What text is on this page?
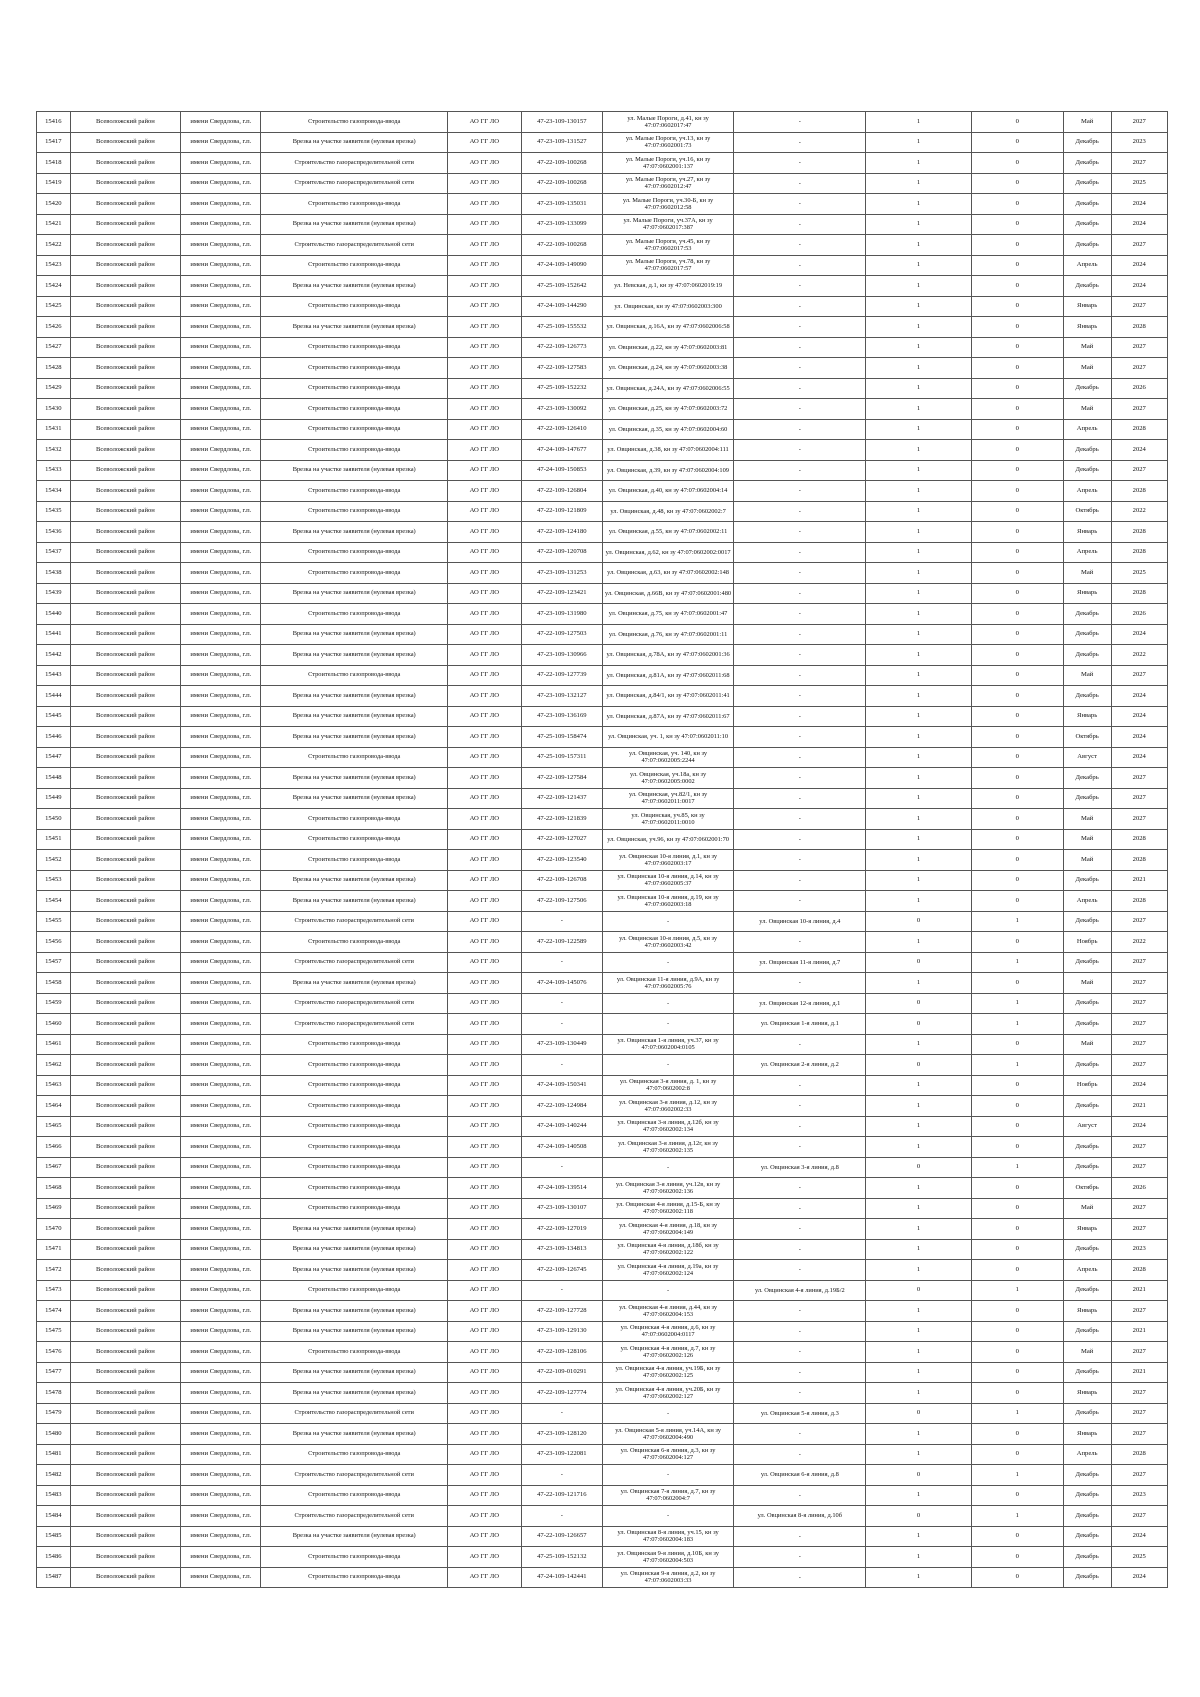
15416	Всеволожский район	имени Свердлова, г.п.	Строительство газопровода-ввода	АО ГГ ЛО	47-23-109-130157	ул. Малые Пороги, д.41, кн зу 47:07:0602017:47	-	1	0	Май	2027
15417	Всеволожский район	имени Свердлова, г.п.	Врезка на участке заявителя (нулевая врезка)	АО ГГ ЛО	47-23-109-131527	ул. Малые Пороги, уч.13, кн зу 47:07:0602001:73	-	1	0	Декабрь	2023
15418	Всеволожский район	имени Свердлова, г.п.	Строительство газораспределительной сети	АО ГГ ЛО	47-22-109-100268	ул. Малые Пороги, уч.16, кн зу 47:07:0602001:137	-	1	0	Декабрь	2027
15419	Всеволожский район	имени Свердлова, г.п.	Строительство газораспределительной сети	АО ГГ ЛО	47-22-109-100268	ул. Малые Пороги, уч.27, кн зу 47:07:0602012:47	-	1	0	Декабрь	2025
15420	Всеволожский район	имени Свердлова, г.п.	Строительство газопровода-ввода	АО ГГ ЛО	47-23-109-135031	ул. Малые Пороги, уч.30-Б, кн зу 47:07:0602012:58	-	1	0	Декабрь	2024
15421	Всеволожский район	имени Свердлова, г.п.	Врезка на участке заявителя (нулевая врезка)	АО ГГ ЛО	47-23-109-133099	ул. Малые Пороги, уч.37А, кн зу 47:07:0602017:387	-	1	0	Декабрь	2024
15422	Всеволожский район	имени Свердлова, г.п.	Строительство газораспределительной сети	АО ГГ ЛО	47-22-109-100268	ул. Малые Пороги, уч.45, кн зу 47:07:0602017:53	-	1	0	Декабрь	2027
15423	Всеволожский район	имени Свердлова, г.п.	Строительство газопровода-ввода	АО ГГ ЛО	47-24-109-149090	ул. Малые Пороги, уч.78, кн зу 47:07:0602017:57	-	1	0	Апрель	2024
15424	Всеволожский район	имени Свердлова, г.п.	Врезка на участке заявителя (нулевая врезка)	АО ГГ ЛО	47-25-109-152642	ул. Невская, д.1, кн зу 47:07:0602019:19	-	1	0	Декабрь	2024
15425	Всеволожский район	имени Свердлова, г.п.	Строительство газопровода-ввода	АО ГГ ЛО	47-24-109-144290	ул. Овцинская, кн зу 47:07:0602003:300	-	1	0	Январь	2027
15426	Всеволожский район	имени Свердлова, г.п.	Врезка на участке заявителя (нулевая врезка)	АО ГГ ЛО	47-25-109-155532	ул. Овцинская, д.16А, кн зу 47:07:0602006:58	-	1	0	Январь	2028
15427	Всеволожский район	имени Свердлова, г.п.	Строительство газопровода-ввода	АО ГГ ЛО	47-22-109-126773	ул. Овцинская, д.22, кн зу 47:07:0602003:81	-	1	0	Май	2027
15428	Всеволожский район	имени Свердлова, г.п.	Строительство газопровода-ввода	АО ГГ ЛО	47-22-109-127583	ул. Овцинская, д.24, кн зу 47:07:0602003:38	-	1	0	Май	2027
15429	Всеволожский район	имени Свердлова, г.п.	Строительство газопровода-ввода	АО ГГ ЛО	47-25-109-152232	ул. Овцинская, д.24А, кн зу 47:07:0602006:55	-	1	0	Декабрь	2026
15430	Всеволожский район	имени Свердлова, г.п.	Строительство газопровода-ввода	АО ГГ ЛО	47-23-109-130092	ул. Овцинская, д.25, кн зу 47:07:0602003:72	-	1	0	Май	2027
15431	Всеволожский район	имени Свердлова, г.п.	Строительство газопровода-ввода	АО ГГ ЛО	47-22-109-126410	ул. Овцинская, д.35, кн зу 47:07:0602004:60	-	1	0	Апрель	2028
15432	Всеволожский район	имени Свердлова, г.п.	Строительство газопровода-ввода	АО ГГ ЛО	47-24-109-147677	ул. Овцинская, д.38, кн зу 47:07:0602004:111	-	1	0	Декабрь	2024
15433	Всеволожский район	имени Свердлова, г.п.	Врезка на участке заявителя (нулевая врезка)	АО ГГ ЛО	47-24-109-150853	ул. Овцинская, д.39, кн зу 47:07:0602004:109	-	1	0	Декабрь	2027
15434	Всеволожский район	имени Свердлова, г.п.	Строительство газопровода-ввода	АО ГГ ЛО	47-22-109-126804	ул. Овцинская, д.40, кн зу 47:07:0602004:14	-	1	0	Апрель	2028
15435	Всеволожский район	имени Свердлова, г.п.	Строительство газопровода-ввода	АО ГГ ЛО	47-22-109-121809	ул. Овцинская, д.48, кн зу 47:07:0602002:7	-	1	0	Октябрь	2022
15436	Всеволожский район	имени Свердлова, г.п.	Врезка на участке заявителя (нулевая врезка)	АО ГГ ЛО	47-22-109-124180	ул. Овцинская, д.55, кн зу 47:07:0602002:11	-	1	0	Январь	2028
15437	Всеволожский район	имени Свердлова, г.п.	Строительство газопровода-ввода	АО ГГ ЛО	47-22-109-120708	ул. Овцинская, д.62, кн зу 47:07:0602002:0017	-	1	0	Апрель	2028
15438	Всеволожский район	имени Свердлова, г.п.	Строительство газопровода-ввода	АО ГГ ЛО	47-23-109-131253	ул. Овцинская, д.63, кн зу 47:07:0602002:148	-	1	0	Май	2025
15439	Всеволожский район	имени Свердлова, г.п.	Врезка на участке заявителя (нулевая врезка)	АО ГГ ЛО	47-22-109-123421	ул. Овцинская, д.66В, кн зу 47:07:0602001:480	-	1	0	Январь	2028
15440	Всеволожский район	имени Свердлова, г.п.	Строительство газопровода-ввода	АО ГГ ЛО	47-23-109-131980	ул. Овцинская, д.75, кн зу 47:07:0602001:47	-	1	0	Декабрь	2026
15441	Всеволожский район	имени Свердлова, г.п.	Врезка на участке заявителя (нулевая врезка)	АО ГГ ЛО	47-22-109-127503	ул. Овцинская, д.76, кн зу 47:07:0602001:11	-	1	0	Декабрь	2024
15442	Всеволожский район	имени Свердлова, г.п.	Врезка на участке заявителя (нулевая врезка)	АО ГГ ЛО	47-23-109-130966	ул. Овцинская, д.78А, кн зу 47:07:0602001:36	-	1	0	Декабрь	2022
15443	Всеволожский район	имени Свердлова, г.п.	Строительство газопровода-ввода	АО ГГ ЛО	47-22-109-127739	ул. Овцинская, д.81А, кн зу 47:07:0602011:68	-	1	0	Май	2027
15444	Всеволожский район	имени Свердлова, г.п.	Врезка на участке заявителя (нулевая врезка)	АО ГГ ЛО	47-23-109-132127	ул. Овцинская, д.84/1, кн зу 47:07:0602011:41	-	1	0	Декабрь	2024
15445	Всеволожский район	имени Свердлова, г.п.	Врезка на участке заявителя (нулевая врезка)	АО ГГ ЛО	47-23-109-136169	ул. Овцинская, д.87А, кн зу 47:07:0602011:67	-	1	0	Январь	2024
15446	Всеволожский район	имени Свердлова, г.п.	Врезка на участке заявителя (нулевая врезка)	АО ГГ ЛО	47-25-109-158474	ул. Овцинская, уч. 1, кн зу 47:07:0602011:10	-	1	0	Октябрь	2024
15447	Всеволожский район	имени Свердлова, г.п.	Строительство газопровода-ввода	АО ГГ ЛО	47-25-109-157311	ул. Овцинская, уч. 140, кн зу 47:07:0602005:2244	-	1	0	Август	2024
15448	Всеволожский район	имени Свердлова, г.п.	Врезка на участке заявителя (нулевая врезка)	АО ГГ ЛО	47-22-109-127584	ул. Овцинская, уч.18а, кн зу 47:07:0602005:0002	-	1	0	Декабрь	2027
15449	Всеволожский район	имени Свердлова, г.п.	Врезка на участке заявителя (нулевая врезка)	АО ГГ ЛО	47-22-109-121437	ул. Овцинская, уч.82/1, кн зу 47:07:0602011:0017	-	1	0	Декабрь	2027
15450	Всеволожский район	имени Свердлова, г.п.	Строительство газопровода-ввода	АО ГГ ЛО	47-22-109-121839	ул. Овцинская, уч.85, кн зу 47:07:0602011:0010	-	1	0	Май	2027
15451	Всеволожский район	имени Свердлова, г.п.	Строительство газопровода-ввода	АО ГГ ЛО	47-22-109-127027	ул. Овцинская, уч.96, кн зу 47:07:0602001:70	-	1	0	Май	2028
15452	Всеволожский район	имени Свердлова, г.п.	Строительство газопровода-ввода	АО ГГ ЛО	47-22-109-123540	ул. Овцинская 10-я линия, д.1, кн зу 47:07:0602003:17	-	1	0	Май	2028
15453	Всеволожский район	имени Свердлова, г.п.	Врезка на участке заявителя (нулевая врезка)	АО ГГ ЛО	47-22-109-126708	ул. Овцинская 10-я линия, д.14, кн зу 47:07:0602005:37	-	1	0	Декабрь	2021
15454	Всеволожский район	имени Свердлова, г.п.	Врезка на участке заявителя (нулевая врезка)	АО ГГ ЛО	47-22-109-127506	ул. Овцинская 10-я линия, д.19, кн зу 47:07:0602003:18	-	1	0	Апрель	2028
15455	Всеволожский район	имени Свердлова, г.п.	Строительство газораспределительной сети	АО ГГ ЛО	-	-	ул. Овцинская 10-я линия, д.4	0	1	Декабрь	2027
15456	Всеволожский район	имени Свердлова, г.п.	Строительство газопровода-ввода	АО ГГ ЛО	47-22-109-122589	ул. Овцинская 10-я линия, д.5, кн зу 47:07:0602003:42	-	1	0	Ноябрь	2022
15457	Всеволожский район	имени Свердлова, г.п.	Строительство газораспределительной сети	АО ГГ ЛО	-	-	ул. Овцинская 11-я линия, д.7	0	1	Декабрь	2027
15458	Всеволожский район	имени Свердлова, г.п.	Врезка на участке заявителя (нулевая врезка)	АО ГГ ЛО	47-24-109-145076	ул. Овцинская 11-я линия, д.9А, кн зу 47:07:0602005:76	-	1	0	Май	2027
15459	Всеволожский район	имени Свердлова, г.п.	Строительство газораспределительной сети	АО ГГ ЛО	-	-	ул. Овцинская 12-я линия, д.1	0	1	Декабрь	2027
15460	Всеволожский район	имени Свердлова, г.п.	Строительство газораспределительной сети	АО ГГ ЛО	-	-	ул. Овцинская 1-я линия, д.1	0	1	Декабрь	2027
15461	Всеволожский район	имени Свердлова, г.п.	Строительство газопровода-ввода	АО ГГ ЛО	47-23-109-130449	ул. Овцинская 1-я линия, уч.37, кн зу 47:07:0602004:0105	-	1	0	Май	2027
15462	Всеволожский район	имени Свердлова, г.п.	Строительство газопровода-ввода	АО ГГ ЛО	-	-	ул. Овцинская 2-я линия, д.2	0	1	Декабрь	2027
15463	Всеволожский район	имени Свердлова, г.п.	Строительство газопровода-ввода	АО ГГ ЛО	47-24-109-150341	ул. Овцинская 3-я линия, д. 1, кн зу 47:07:0602002:8	-	1	0	Ноябрь	2024
15464	Всеволожский район	имени Свердлова, г.п.	Строительство газопровода-ввода	АО ГГ ЛО	47-22-109-124984	ул. Овцинская 3-я линия, д.12, кн зу 47:07:0602002:33	-	1	0	Декабрь	2021
15465	Всеволожский район	имени Свердлова, г.п.	Строительство газопровода-ввода	АО ГГ ЛО	47-24-109-140244	ул. Овцинская 3-я линия, д.12б, кн зу 47:07:0602002:134	-	1	0	Август	2024
15466	Всеволожский район	имени Свердлова, г.п.	Строительство газопровода-ввода	АО ГГ ЛО	47-24-109-140508	ул. Овцинская 3-я линия, д.12г, кн зу 47:07:0602002:135	-	1	0	Декабрь	2027
15467	Всеволожский район	имени Свердлова, г.п.	Строительство газопровода-ввода	АО ГГ ЛО	-	-	ул. Овцинская 3-я линия, д.8	0	1	Декабрь	2027
15468	Всеволожский район	имени Свердлова, г.п.	Строительство газопровода-ввода	АО ГГ ЛО	47-24-109-139514	ул. Овцинская 3-я линия, уч.12в, кн зу 47:07:0602002:136	-	1	0	Октябрь	2026
15469	Всеволожский район	имени Свердлова, г.п.	Строительство газопровода-ввода	АО ГГ ЛО	47-23-109-130107	ул. Овцинская 4-я линия, д.15-Б, кн зу 47:07:0602002:118	-	1	0	Май	2027
15470	Всеволожский район	имени Свердлова, г.п.	Врезка на участке заявителя (нулевая врезка)	АО ГГ ЛО	47-22-109-127019	ул. Овцинская 4-я линия, д.18, кн зу 47:07:0602004:149	-	1	0	Январь	2027
15471	Всеволожский район	имени Свердлова, г.п.	Врезка на участке заявителя (нулевая врезка)	АО ГГ ЛО	47-23-109-134813	ул. Овцинская 4-я линия, д.18б, кн зу 47:07:0602002:122	-	1	0	Декабрь	2023
15472	Всеволожский район	имени Свердлова, г.п.	Врезка на участке заявителя (нулевая врезка)	АО ГГ ЛО	47-22-109-126745	ул. Овцинская 4-я линия, д.19а, кн зу 47:07:0602002:124	-	1	0	Апрель	2028
15473	Всеволожский район	имени Свердлова, г.п.	Строительство газопровода-ввода	АО ГГ ЛО	-	-	ул. Овцинская 4-я линия, д.19Б/2	0	1	Декабрь	2021
15474	Всеволожский район	имени Свердлова, г.п.	Врезка на участке заявителя (нулевая врезка)	АО ГГ ЛО	47-22-109-127728	ул. Овцинская 4-я линия, д.44, кн зу 47:07:0602004:153	-	1	0	Январь	2027
15475	Всеволожский район	имени Свердлова, г.п.	Врезка на участке заявителя (нулевая врезка)	АО ГГ ЛО	47-23-109-129130	ул. Овцинская 4-я линия, д.6, кн зу 47:07:0602004:0117	-	1	0	Декабрь	2021
15476	Всеволожский район	имени Свердлова, г.п.	Строительство газопровода-ввода	АО ГГ ЛО	47-22-109-128106	ул. Овцинская 4-я линия, д.7, кн зу 47:07:0602002:126	-	1	0	Май	2027
15477	Всеволожский район	имени Свердлова, г.п.	Врезка на участке заявителя (нулевая врезка)	АО ГГ ЛО	47-22-109-010291	ул. Овцинская 4-я линия, уч.19Б, кн зу 47:07:0602002:125	-	1	0	Декабрь	2021
15478	Всеволожский район	имени Свердлова, г.п.	Врезка на участке заявителя (нулевая врезка)	АО ГГ ЛО	47-22-109-127774	ул. Овцинская 4-я линия, уч.20Б, кн зу 47:07:0602002:127	-	1	0	Январь	2027
15479	Всеволожский район	имени Свердлова, г.п.	Строительство газораспределительной сети	АО ГГ ЛО	-	-	ул. Овцинская 5-я линия, д.3	0	1	Декабрь	2027
15480	Всеволожский район	имени Свердлова, г.п.	Врезка на участке заявителя (нулевая врезка)	АО ГГ ЛО	47-23-109-128120	ул. Овцинская 5-я линия, уч.14А, кн зу 47:07:0602004:490	-	1	0	Январь	2027
15481	Всеволожский район	имени Свердлова, г.п.	Строительство газопровода-ввода	АО ГГ ЛО	47-23-109-122081	ул. Овцинская 6-я линия, д.3, кн зу 47:07:0602004:127	-	1	0	Апрель	2028
15482	Всеволожский район	имени Свердлова, г.п.	Строительство газораспределительной сети	АО ГГ ЛО	-	-	ул. Овцинская 6-я линия, д.8	0	1	Декабрь	2027
15483	Всеволожский район	имени Свердлова, г.п.	Строительство газопровода-ввода	АО ГГ ЛО	47-22-109-121716	ул. Овцинская 7-я линия, д.7, кн зу 47:07:0602004:7	-	1	0	Декабрь	2023
15484	Всеволожский район	имени Свердлова, г.п.	Строительство газораспределительной сети	АО ГГ ЛО	-	-	ул. Овцинская 8-я линия, д.10б	0	1	Декабрь	2027
15485	Всеволожский район	имени Свердлова, г.п.	Врезка на участке заявителя (нулевая врезка)	АО ГГ ЛО	47-22-109-126657	ул. Овцинская 8-я линия, уч.15, кн зу 47:07:0602004:183	-	1	0	Декабрь	2024
15486	Всеволожский район	имени Свердлова, г.п.	Строительство газопровода-ввода	АО ГГ ЛО	47-25-109-152132	ул. Овцинская 9-я линия, д.10Б, кн зу 47:07:0602004:503	-	1	0	Декабрь	2025
15487	Всеволожский район	имени Свердлова, г.п.	Строительство газопровода-ввода	АО ГГ ЛО	47-24-109-142441	ул. Овцинская 9-я линия, д.2, кн зу 47:07:0602003:33	-	1	0	Декабрь	2024
